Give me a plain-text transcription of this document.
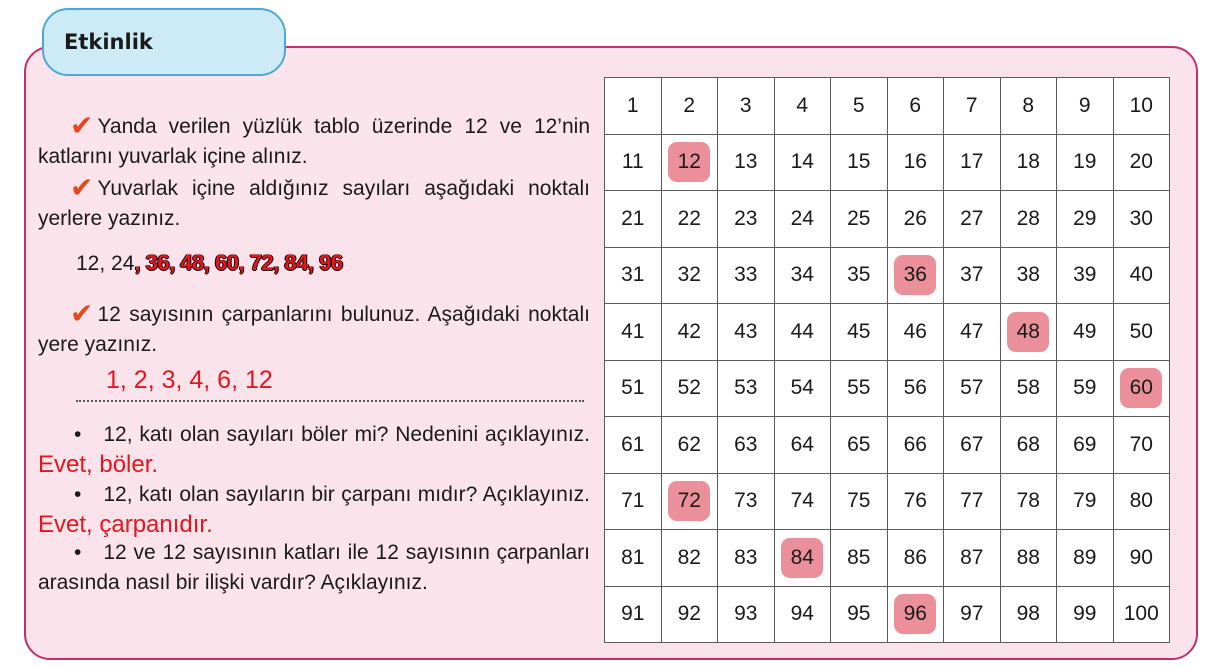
Etkinlik

✔ Yanda verilen yüzlük tablo üzerinde 12 ve 12’nin katlarını yuvarlak içine alınız.

✔ Yuvarlak içine aldığınız sayıları aşağıdaki noktalı yerlere yazınız.

12, 24, 36, 48, 60, 72, 84, 96

✔ 12 sayısının çarpanlarını bulunuz. Aşağıdaki noktalı yere yazınız.

1, 2, 3, 4, 6, 12

• 12, katı olan sayıları böler mi? Nedenini açıklayınız. Evet, böler.

• 12, katı olan sayıların bir çarpanı mıdır? Açıklayınız. Evet, çarpanıdır.

• 12 ve 12 sayısının katları ile 12 sayısının çarpanları arasında nasıl bir ilişki vardır? Açıklayınız.

1	2	3	4	5	6	7	8	9	10
11	12	13	14	15	16	17	18	19	20
21	22	23	24	25	26	27	28	29	30
31	32	33	34	35	36	37	38	39	40
41	42	43	44	45	46	47	48	49	50
51	52	53	54	55	56	57	58	59	60
61	62	63	64	65	66	67	68	69	70
71	72	73	74	75	76	77	78	79	80
81	82	83	84	85	86	87	88	89	90
91	92	93	94	95	96	97	98	99	100
